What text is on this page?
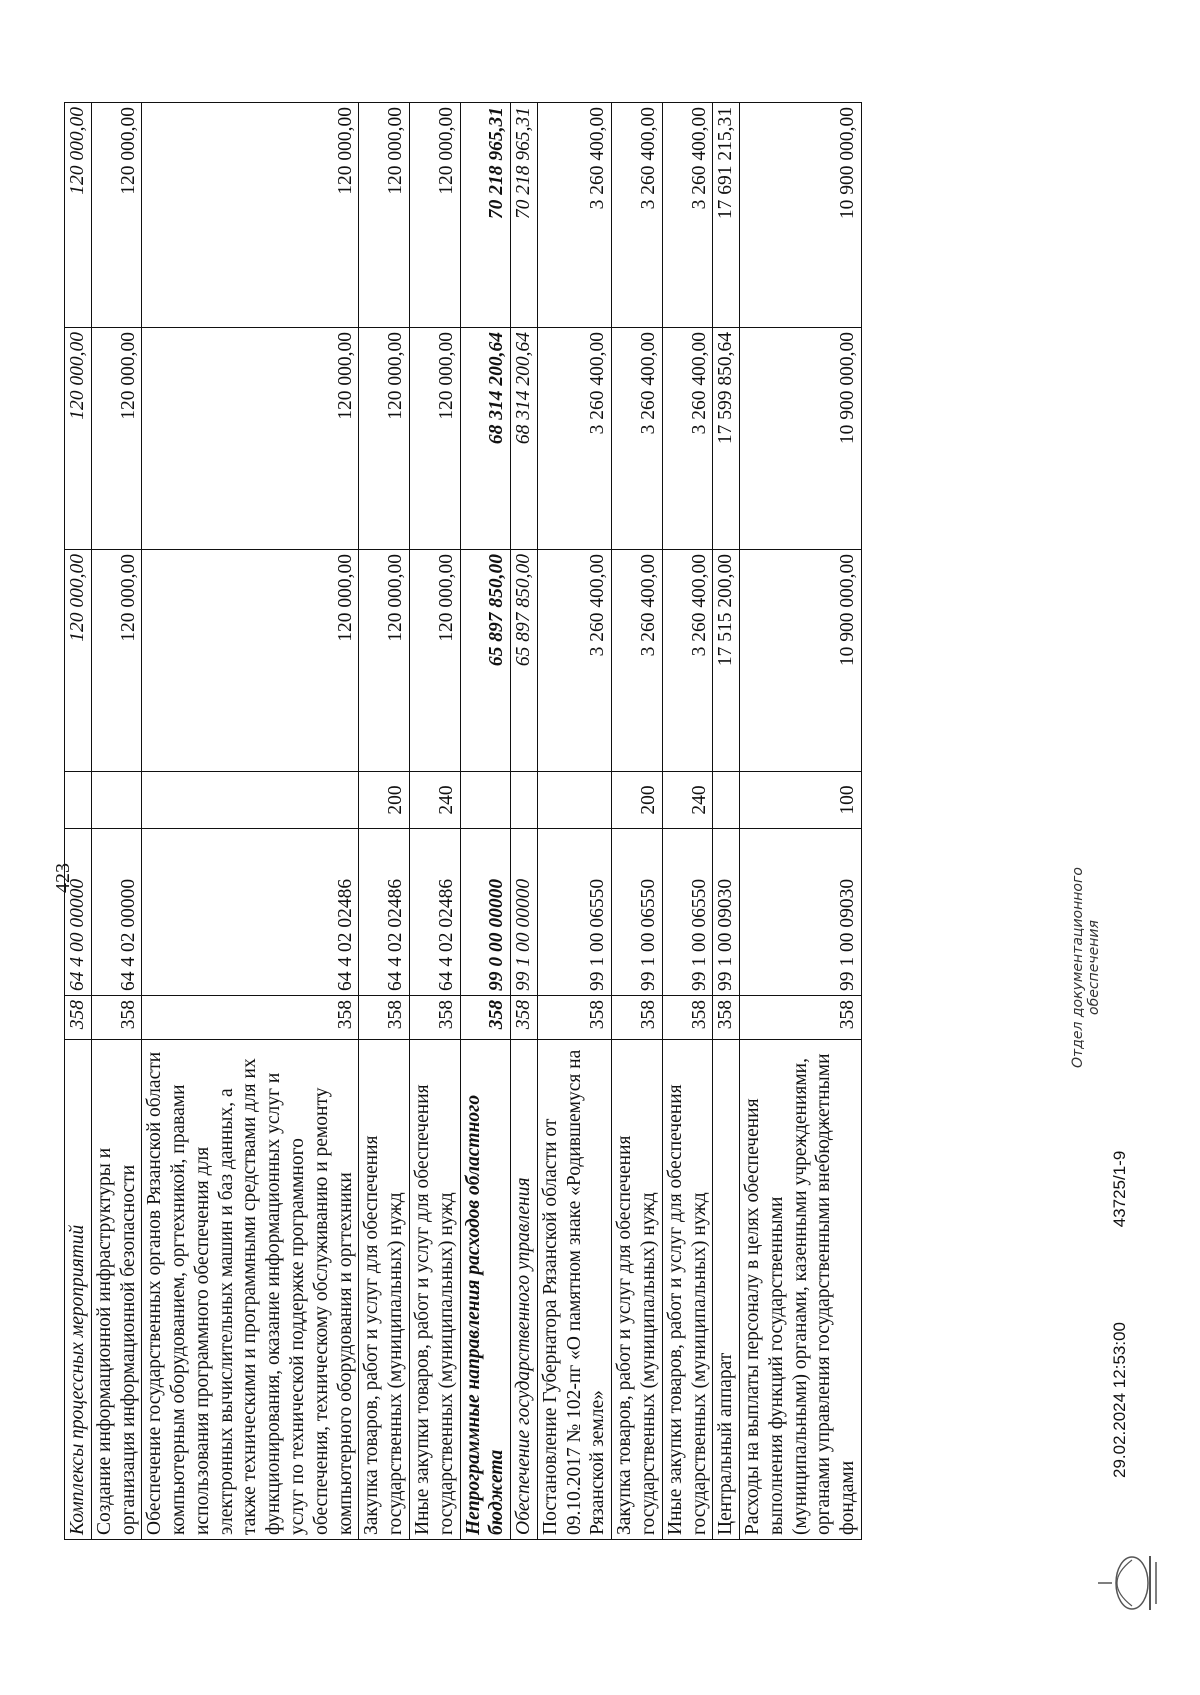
423
Комплексы процессных мероприятий	358	64 4 00 00000		120 000,00	120 000,00	120 000,00
Создание информационной инфраструктуры и организация информационной безопасности	358	64 4 02 00000		120 000,00	120 000,00	120 000,00
Обеспечение государственных органов Рязанской области компьютерным оборудованием, оргтехникой, правами использования программного обеспечения для электронных вычислительных машин и баз данных, а также техническими и программными средствами для их функционирования, оказание информационных услуг и услуг по технической поддержке программного обеспечения, техническому обслуживанию и ремонту компьютерного оборудования и оргтехники	358	64 4 02 02486		120 000,00	120 000,00	120 000,00
Закупка товаров, работ и услуг для обеспечения государственных (муниципальных) нужд	358	64 4 02 02486	200	120 000,00	120 000,00	120 000,00
Иные закупки товаров, работ и услуг для обеспечения государственных (муниципальных) нужд	358	64 4 02 02486	240	120 000,00	120 000,00	120 000,00
Непрограммные направления расходов областного бюджета	358	99 0 00 00000		65 897 850,00	68 314 200,64	70 218 965,31
Обеспечение государственного управления	358	99 1 00 00000		65 897 850,00	68 314 200,64	70 218 965,31
Постановление Губернатора Рязанской области от 09.10.2017 № 102-пг «О памятном знаке «Родившемуся на Рязанской земле»	358	99 1 00 06550		3 260 400,00	3 260 400,00	3 260 400,00
Закупка товаров, работ и услуг для обеспечения государственных (муниципальных) нужд	358	99 1 00 06550	200	3 260 400,00	3 260 400,00	3 260 400,00
Иные закупки товаров, работ и услуг для обеспечения государственных (муниципальных) нужд	358	99 1 00 06550	240	3 260 400,00	3 260 400,00	3 260 400,00
Центральный аппарат	358	99 1 00 09030		17 515 200,00	17 599 850,64	17 691 215,31
Расходы на выплаты персоналу в целях обеспечения выполнения функций государственными (муниципальными) органами, казенными учреждениями, органами управления государственными внебюджетными фондами	358	99 1 00 09030	100	10 900 000,00	10 900 000,00	10 900 000,00
29.02.2024 12:53:00 43725/1-9
Отдел документационного обеспечения
